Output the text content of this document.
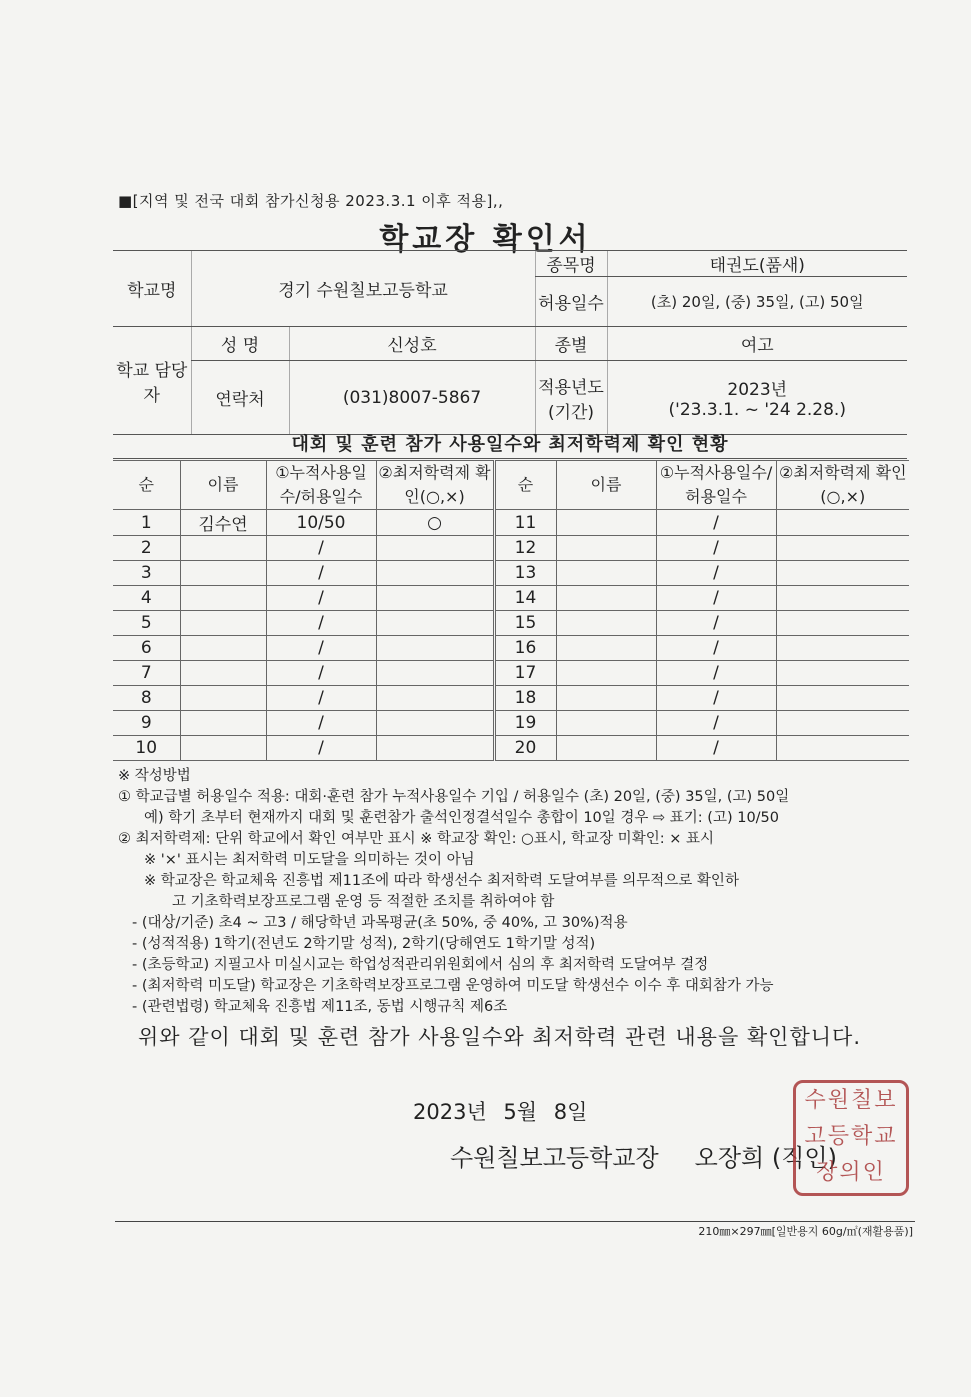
■[지역 및 전국 대회 참가신청용 2023.3.1 이후 적용],,
학교장 확인서
학교명	경기 수원칠보고등학교		종목명	태권도(품새)
			허용일수	(초) 20일, (중) 35일, (고) 50일
학교 담당자	성 명	신성호	종별	여고
	연락처	(031)8007-5867	적용년도 (기간)	2023년
('23.3.1. ~ '24 2.28.)
대회 및 훈련 참가 사용일수와 최저학력제 확인 현황
순	이름	①누적사용일수/허용일수	②최저학력제 확인(○,×)	순	이름	①누적사용일수/허용일수	②최저학력제 확인(○,×)
1	김수연	10/50	○	11		/	
2		/		12		/	
3		/		13		/	
4		/		14		/	
5		/		15		/	
6		/		16		/	
7		/		17		/	
8		/		18		/	
9		/		19		/	
10		/		20		/	
※ 작성방법
① 학교급별 허용일수 적용: 대회·훈련 참가 누적사용일수 기입 / 허용일수 (초) 20일, (중) 35일, (고) 50일
예) 학기 초부터 현재까지 대회 및 훈련참가 출석인정결석일수 총합이 10일 경우 ⇨ 표기: (고) 10/50
② 최저학력제: 단위 학교에서 확인 여부만 표시 ※ 학교장 확인: ○표시, 학교장 미확인: × 표시
※ '×' 표시는 최저학력 미도달을 의미하는 것이 아님
※ 학교장은 학교체육 진흥법 제11조에 따라 학생선수 최저학력 도달여부를 의무적으로 확인하
고 기초학력보장프로그램 운영 등 적절한 조치를 취하여야 함
- (대상/기준) 초4 ~ 고3 / 해당학년 과목평균(초 50%, 중 40%, 고 30%)적용
- (성적적용) 1학기(전년도 2학기말 성적), 2학기(당해연도 1학기말 성적)
- (초등학교) 지필고사 미실시교는 학업성적관리위원회에서 심의 후 최저학력 도달여부 결정
- (최저학력 미도달) 학교장은 기초학력보장프로그램 운영하여 미도달 학생선수 이수 후 대회참가 가능
- (관련법령) 학교체육 진흥법 제11조, 동법 시행규칙 제6조
위와 같이 대회 및 훈련 참가 사용일수와 최저학력 관련 내용을 확인합니다.
2023년 5월 8일
수원칠보고등학교장 오장희 (직인)
수원칠보
고등학교
장의인
210㎜×297㎜[일반용지 60g/㎡(재활용품)]
